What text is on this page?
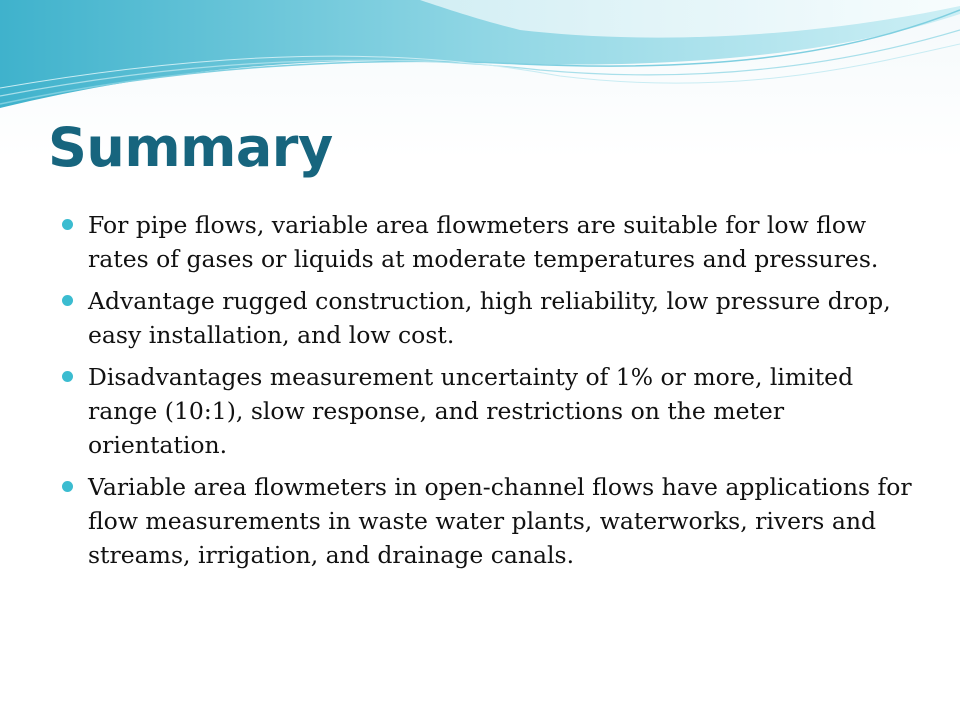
Summary
For pipe flows, variable area flowmeters are suitable for low flow rates of gases or liquids at moderate temperatures and pressures.
Advantage rugged construction, high reliability, low pressure drop, easy installation, and low cost.
Disadvantages measurement uncertainty of 1% or more, limited range (10:1), slow response, and restrictions on the meter orientation.
Variable area flowmeters in open-channel flows have applications for flow measurements in waste water plants, waterworks, rivers and streams, irrigation, and drainage canals.
